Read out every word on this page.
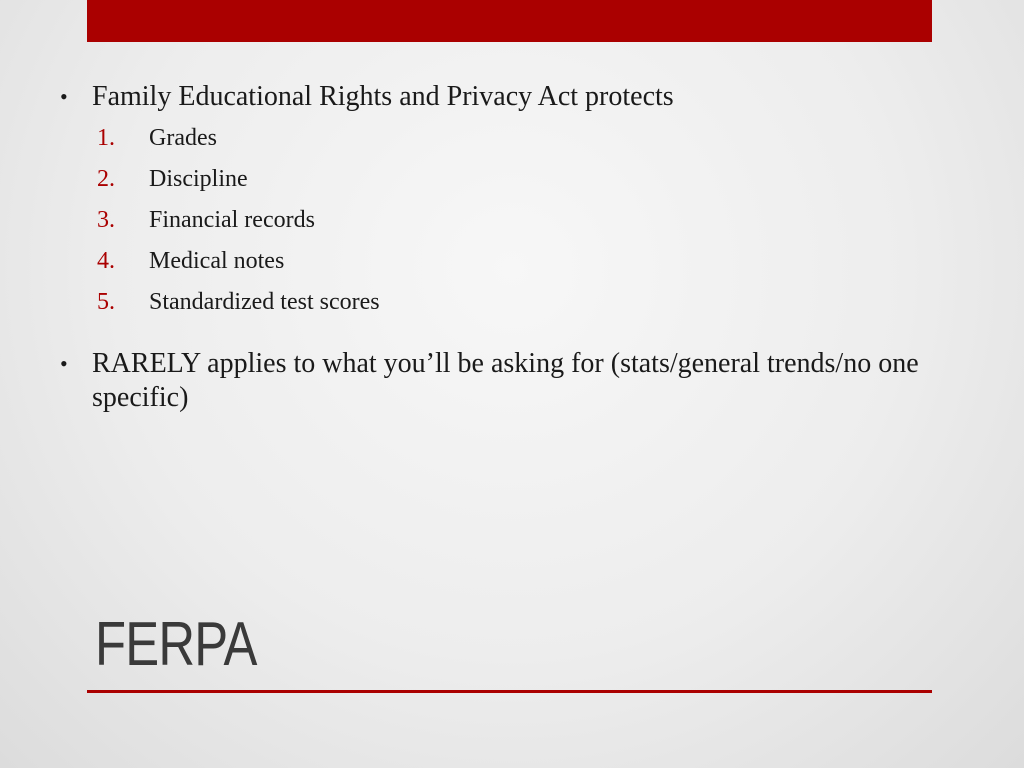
• Family Educational Rights and Privacy Act protects
1. Grades
2. Discipline
3. Financial records
4. Medical notes
5. Standardized test scores
• RARELY applies to what you’ll be asking for (stats/general trends/no one specific)
FERPA
